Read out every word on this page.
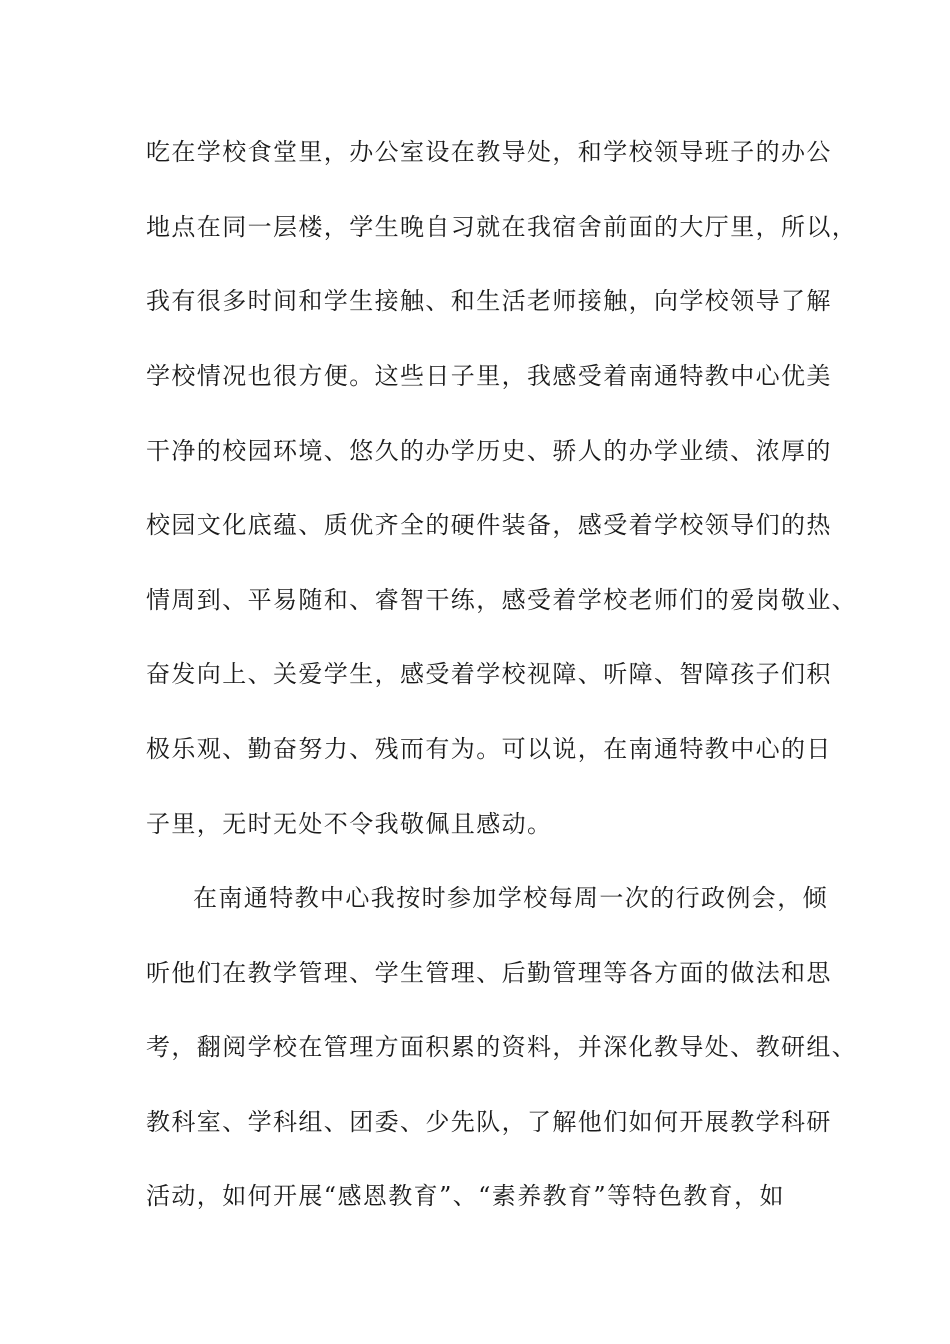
吃在学校食堂里，办公室设在教导处，和学校领导班子的办公
地点在同一层楼，学生晚自习就在我宿舍前面的大厅里，所以，
我有很多时间和学生接触、和生活老师接触，向学校领导了解
学校情况也很方便。这些日子里，我感受着南通特教中心优美
干净的校园环境、悠久的办学历史、骄人的办学业绩、浓厚的
校园文化底蕴、质优齐全的硬件装备，感受着学校领导们的热
情周到、平易随和、睿智干练，感受着学校老师们的爱岗敬业、
奋发向上、关爱学生，感受着学校视障、听障、智障孩子们积
极乐观、勤奋努力、残而有为。可以说，在南通特教中心的日
子里，无时无处不令我敬佩且感动。
在南通特教中心我按时参加学校每周一次的行政例会，倾
听他们在教学管理、学生管理、后勤管理等各方面的做法和思
考，翻阅学校在管理方面积累的资料，并深化教导处、教研组、
教科室、学科组、团委、少先队，了解他们如何开展教学科研
活动，如何开展“感恩教育”、“素养教育”等特色教育，如
